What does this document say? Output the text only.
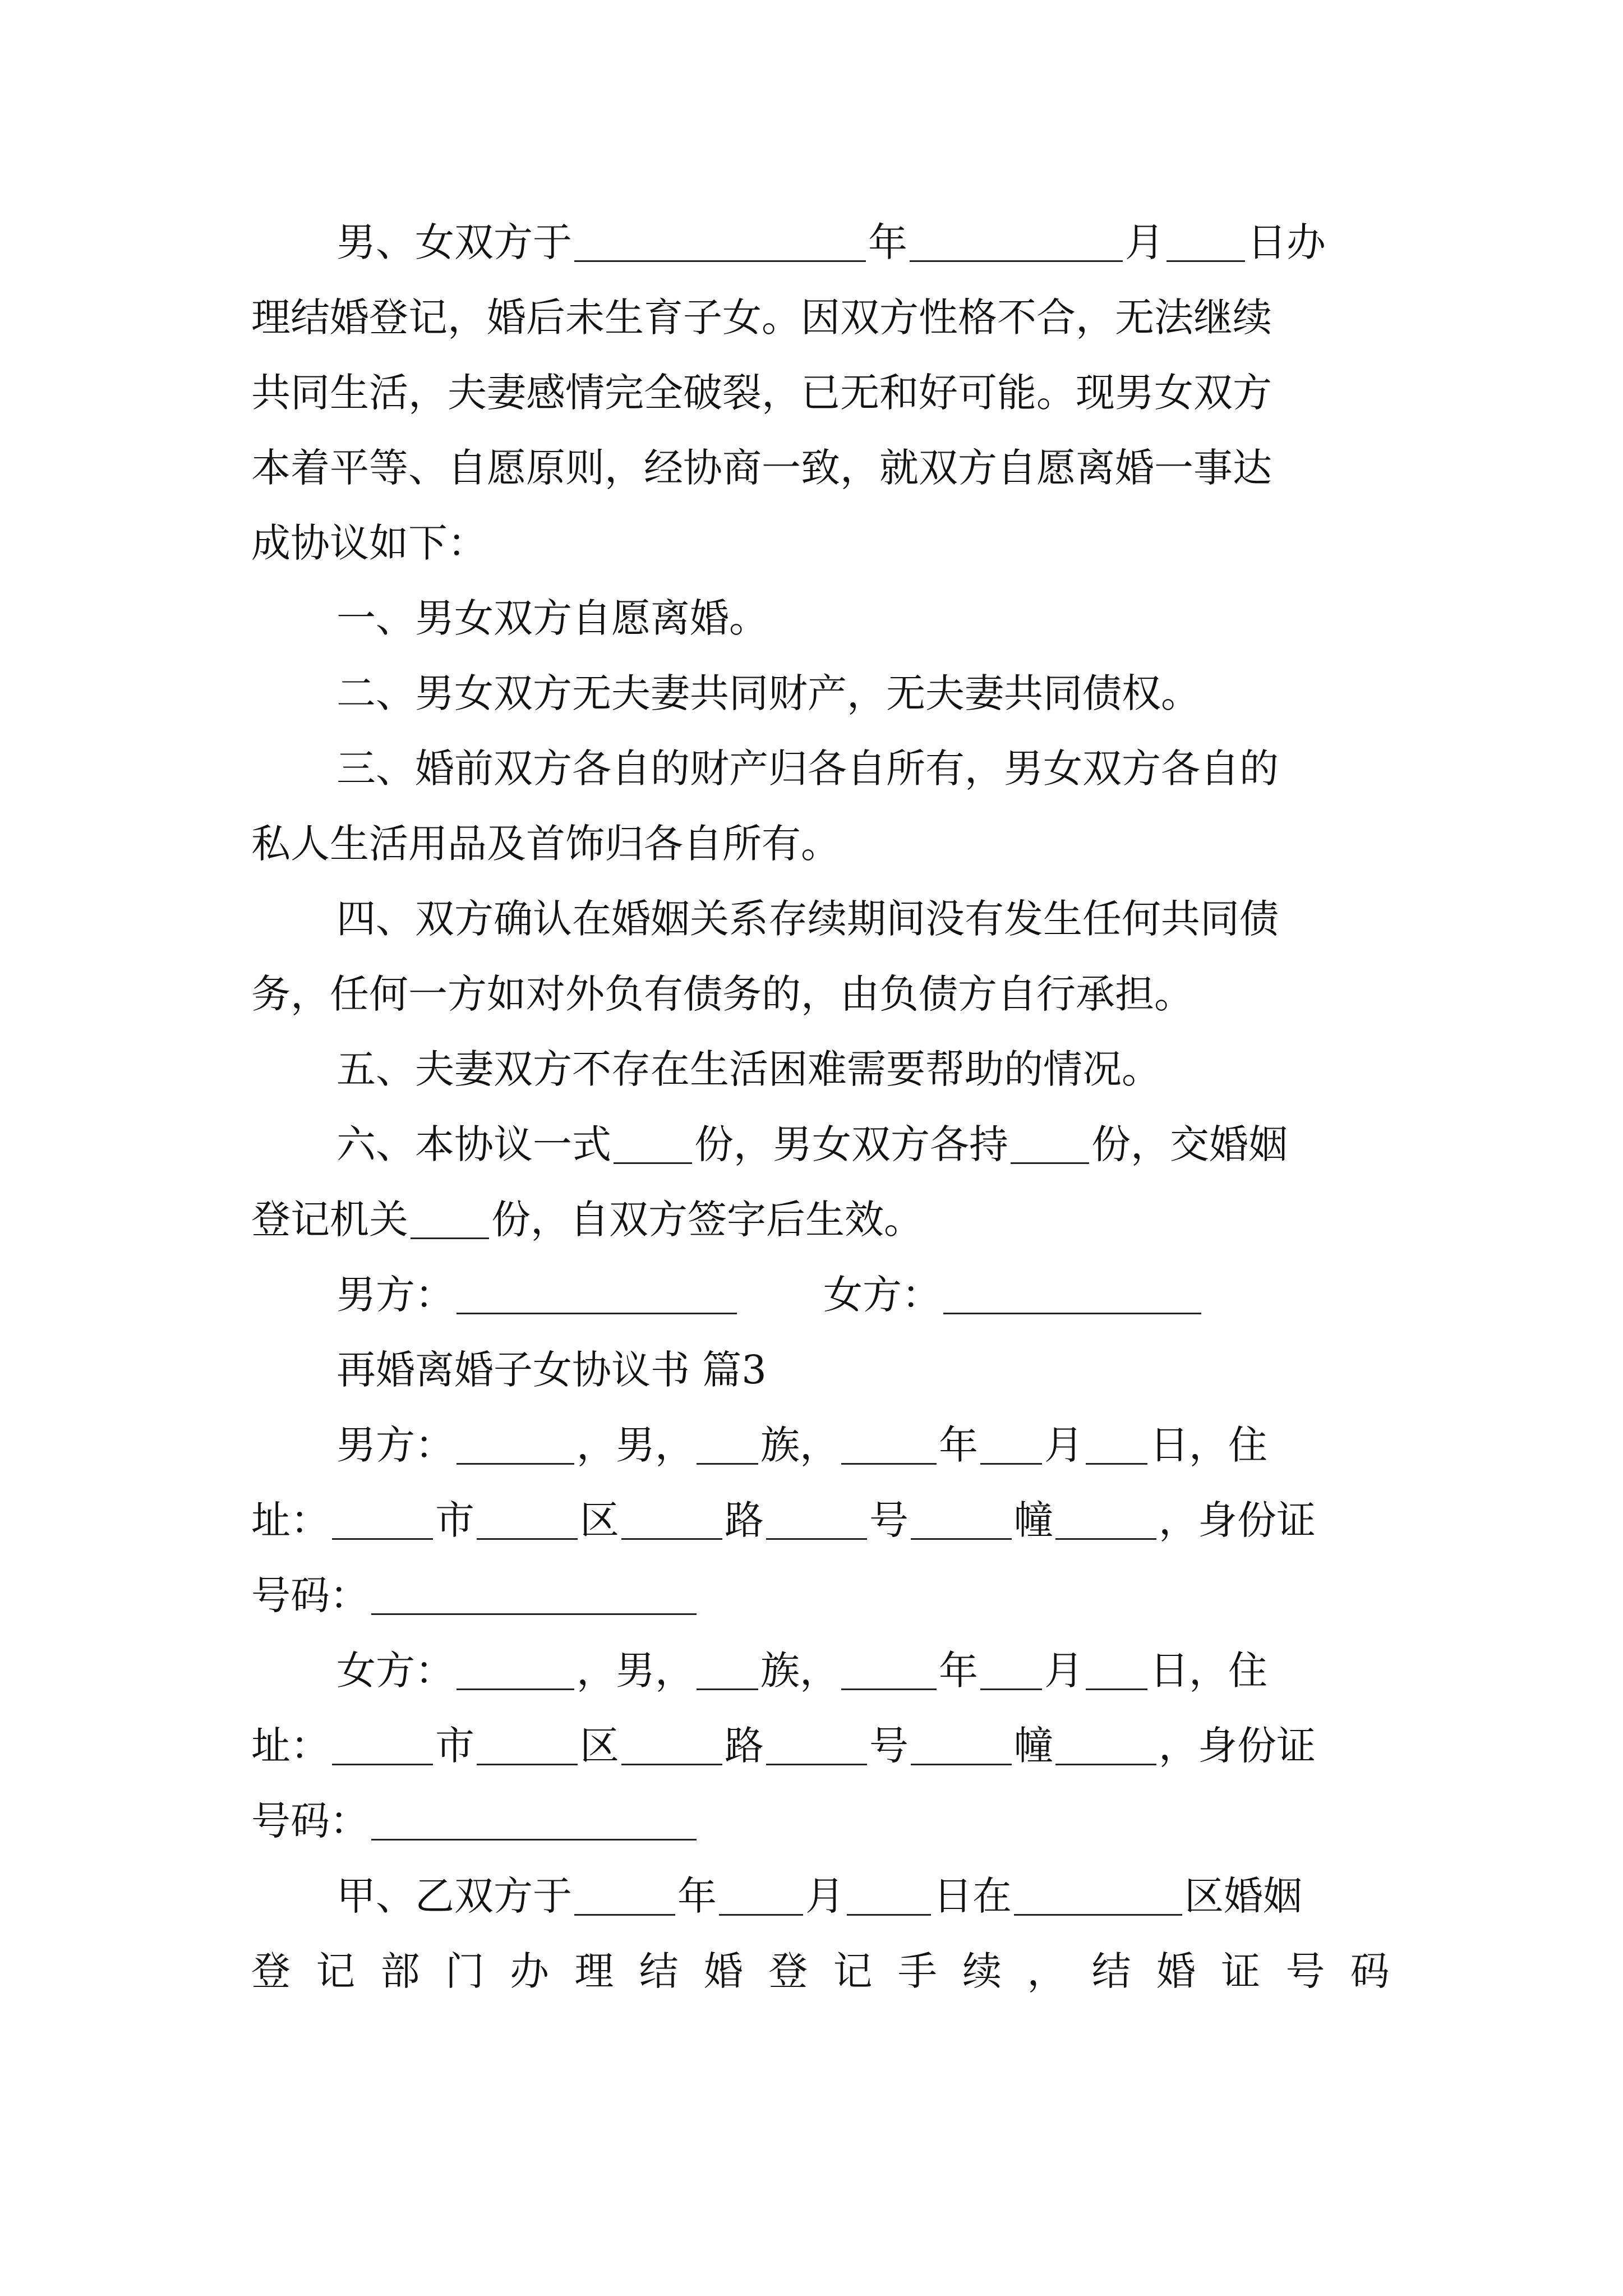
男、女双方于	年	月 日办
理结婚登记，婚后未生育子女。因双方性格不合，无法继续
共同生活，夫妻感情完全破裂，已无和好可能。现男女双方
本着平等、自愿原则，经协商一致，就双方自愿离婚一事达
成协议如下：
一、男女双方自愿离婚。
二、男女双方无夫妻共同财产，无夫妻共同债权。
三、婚前双方各自的财产归各自所有，男女双方各自的
私人生活用品及首饰归各自所有。
四、双方确认在婚姻关系存续期间没有发生任何共同债
务，任何一方如对外负有债务的，由负债方自行承担。
五、夫妻双方不存在生活困难需要帮助的情况。
六、本协议一式 份，男女双方各持 份，交婚姻
登记机关 份，自双方签字后生效。
男方：	女方：
再婚离婚子女协议书 篇3
男方：	，男， 族，	年 月 日，住
址：	市	区	路	号	幢	，身份证
号码：
女方：	，男， 族，	年 月 日，住
址：	市	区	路	号	幢	，身份证
号码：
甲、乙双方于	年 月 日在	区婚姻
登 记 部 门 办 理 结 婚 登 记 手 续 ， 结 婚 证 号 码
